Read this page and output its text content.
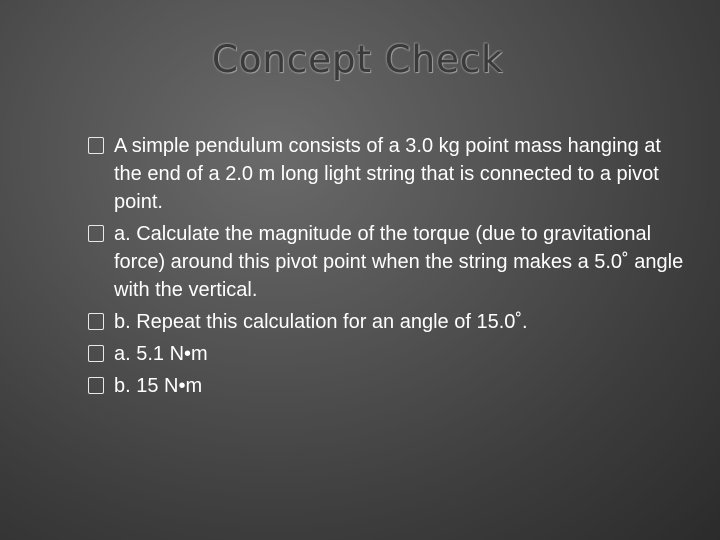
Concept Check
A simple pendulum consists of a 3.0 kg point mass hanging at the end of a 2.0 m long light string that is connected to a pivot point.
a. Calculate the magnitude of the torque (due to gravitational force) around this pivot point when the string makes a 5.0˚ angle with the vertical.
b. Repeat this calculation for an angle of 15.0˚.
a. 5.1 N•m
b. 15 N•m
